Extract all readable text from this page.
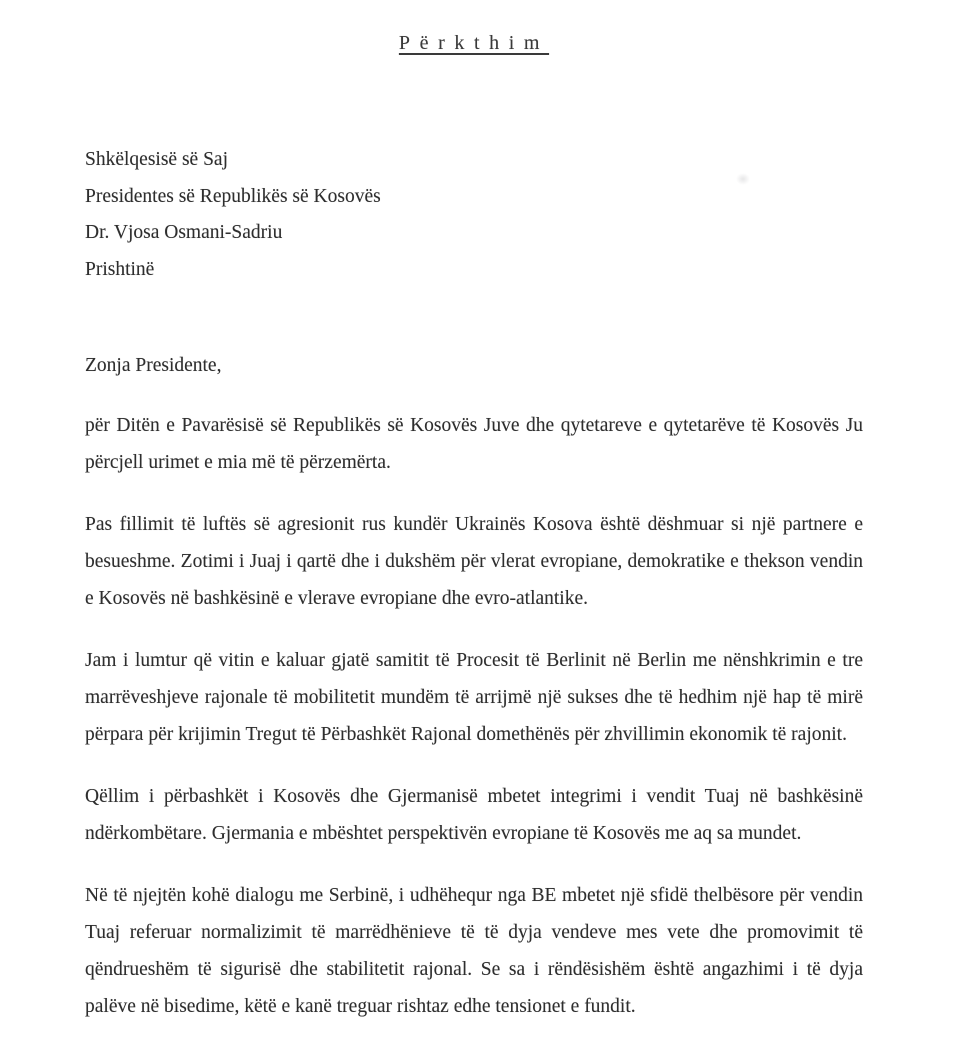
Përkthim
Shkëlqesisë së Saj
Presidentes së Republikës së Kosovës
Dr. Vjosa Osmani-Sadriu
Prishtinë
Zonja Presidente,

për Ditën e Pavarësisë së Republikës së Kosovës Juve dhe qytetareve e qytetarëve të Kosovës Ju përcjell urimet e mia më të përzemërta.

Pas fillimit të luftës së agresionit rus kundër Ukrainës Kosova është dëshmuar si një partnere e besueshme. Zotimi i Juaj i qartë dhe i dukshëm për vlerat evropiane, demokratike e thekson vendin e Kosovës në bashkësinë e vlerave evropiane dhe evro-atlantike.

Jam i lumtur që vitin e kaluar gjatë samitit të Procesit të Berlinit në Berlin me nënshkrimin e tre marrëveshjeve rajonale të mobilitetit mundëm të arrijmë një sukses dhe të hedhim një hap të mirë përpara për krijimin Tregut të Përbashkët Rajonal domethënës për zhvillimin ekonomik të rajonit.

Qëllim i përbashkët i Kosovës dhe Gjermanisë mbetet integrimi i vendit Tuaj në bashkësinë ndërkombëtare. Gjermania e mbështet perspektivën evropiane të Kosovës me aq sa mundet.

Në të njejtën kohë dialogu me Serbinë, i udhëhequr nga BE mbetet një sfidë thelbësore për vendin Tuaj referuar normalizimit të marrëdhënieve të të dyja vendeve mes vete dhe promovimit të qëndrueshëm të sigurisë dhe stabilitetit rajonal. Se sa i rëndësishëm është angazhimi i të dyja palëve në bisedime, këtë e kanë treguar rishtaz edhe tensionet e fundit.
